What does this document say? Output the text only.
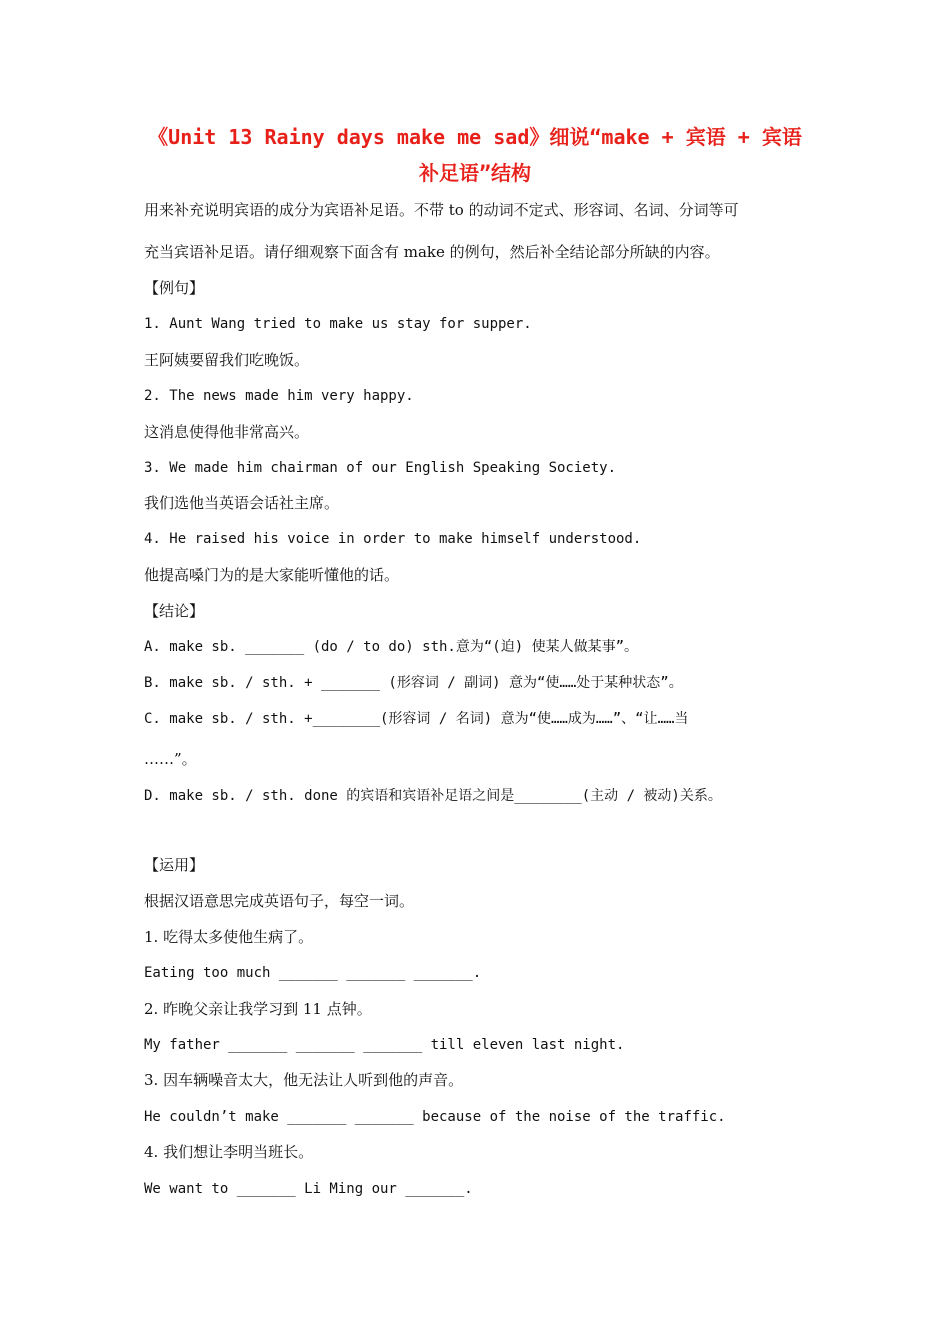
《Unit 13 Rainy days make me sad》细说“make + 宾语 + 宾语
补足语”结构
用来补充说明宾语的成分为宾语补足语。不带 to 的动词不定式、形容词、名词、分词等可
充当宾语补足语。请仔细观察下面含有 make 的例句，然后补全结论部分所缺的内容。
【例句】
1. Aunt Wang tried to make us stay for supper.
王阿姨要留我们吃晚饭。
2. The news made him very happy.
这消息使得他非常高兴。
3. We made him chairman of our English Speaking Society.
我们选他当英语会话社主席。
4. He raised his voice in order to make himself understood.
他提高嗓门为的是大家能听懂他的话。
【结论】
A. make sb. _______ (do / to do) sth.意为“(迫) 使某人做某事”。
B. make sb. / sth. + _______ (形容词 / 副词) 意为“使……处于某种状态”。
C. make sb. / sth. +________(形容词 / 名词) 意为“使……成为……”、“让……当
……”。
D. make sb. / sth. done 的宾语和宾语补足语之间是________(主动 / 被动)关系。
【运用】
根据汉语意思完成英语句子，每空一词。
1. 吃得太多使他生病了。
Eating too much _______ _______ _______.
2. 昨晚父亲让我学习到 11 点钟。
My father _______ _______ _______ till eleven last night.
3. 因车辆噪音太大，他无法让人听到他的声音。
He couldn’t make _______ _______ because of the noise of the traffic.
4. 我们想让李明当班长。
We want to _______ Li Ming our _______.
